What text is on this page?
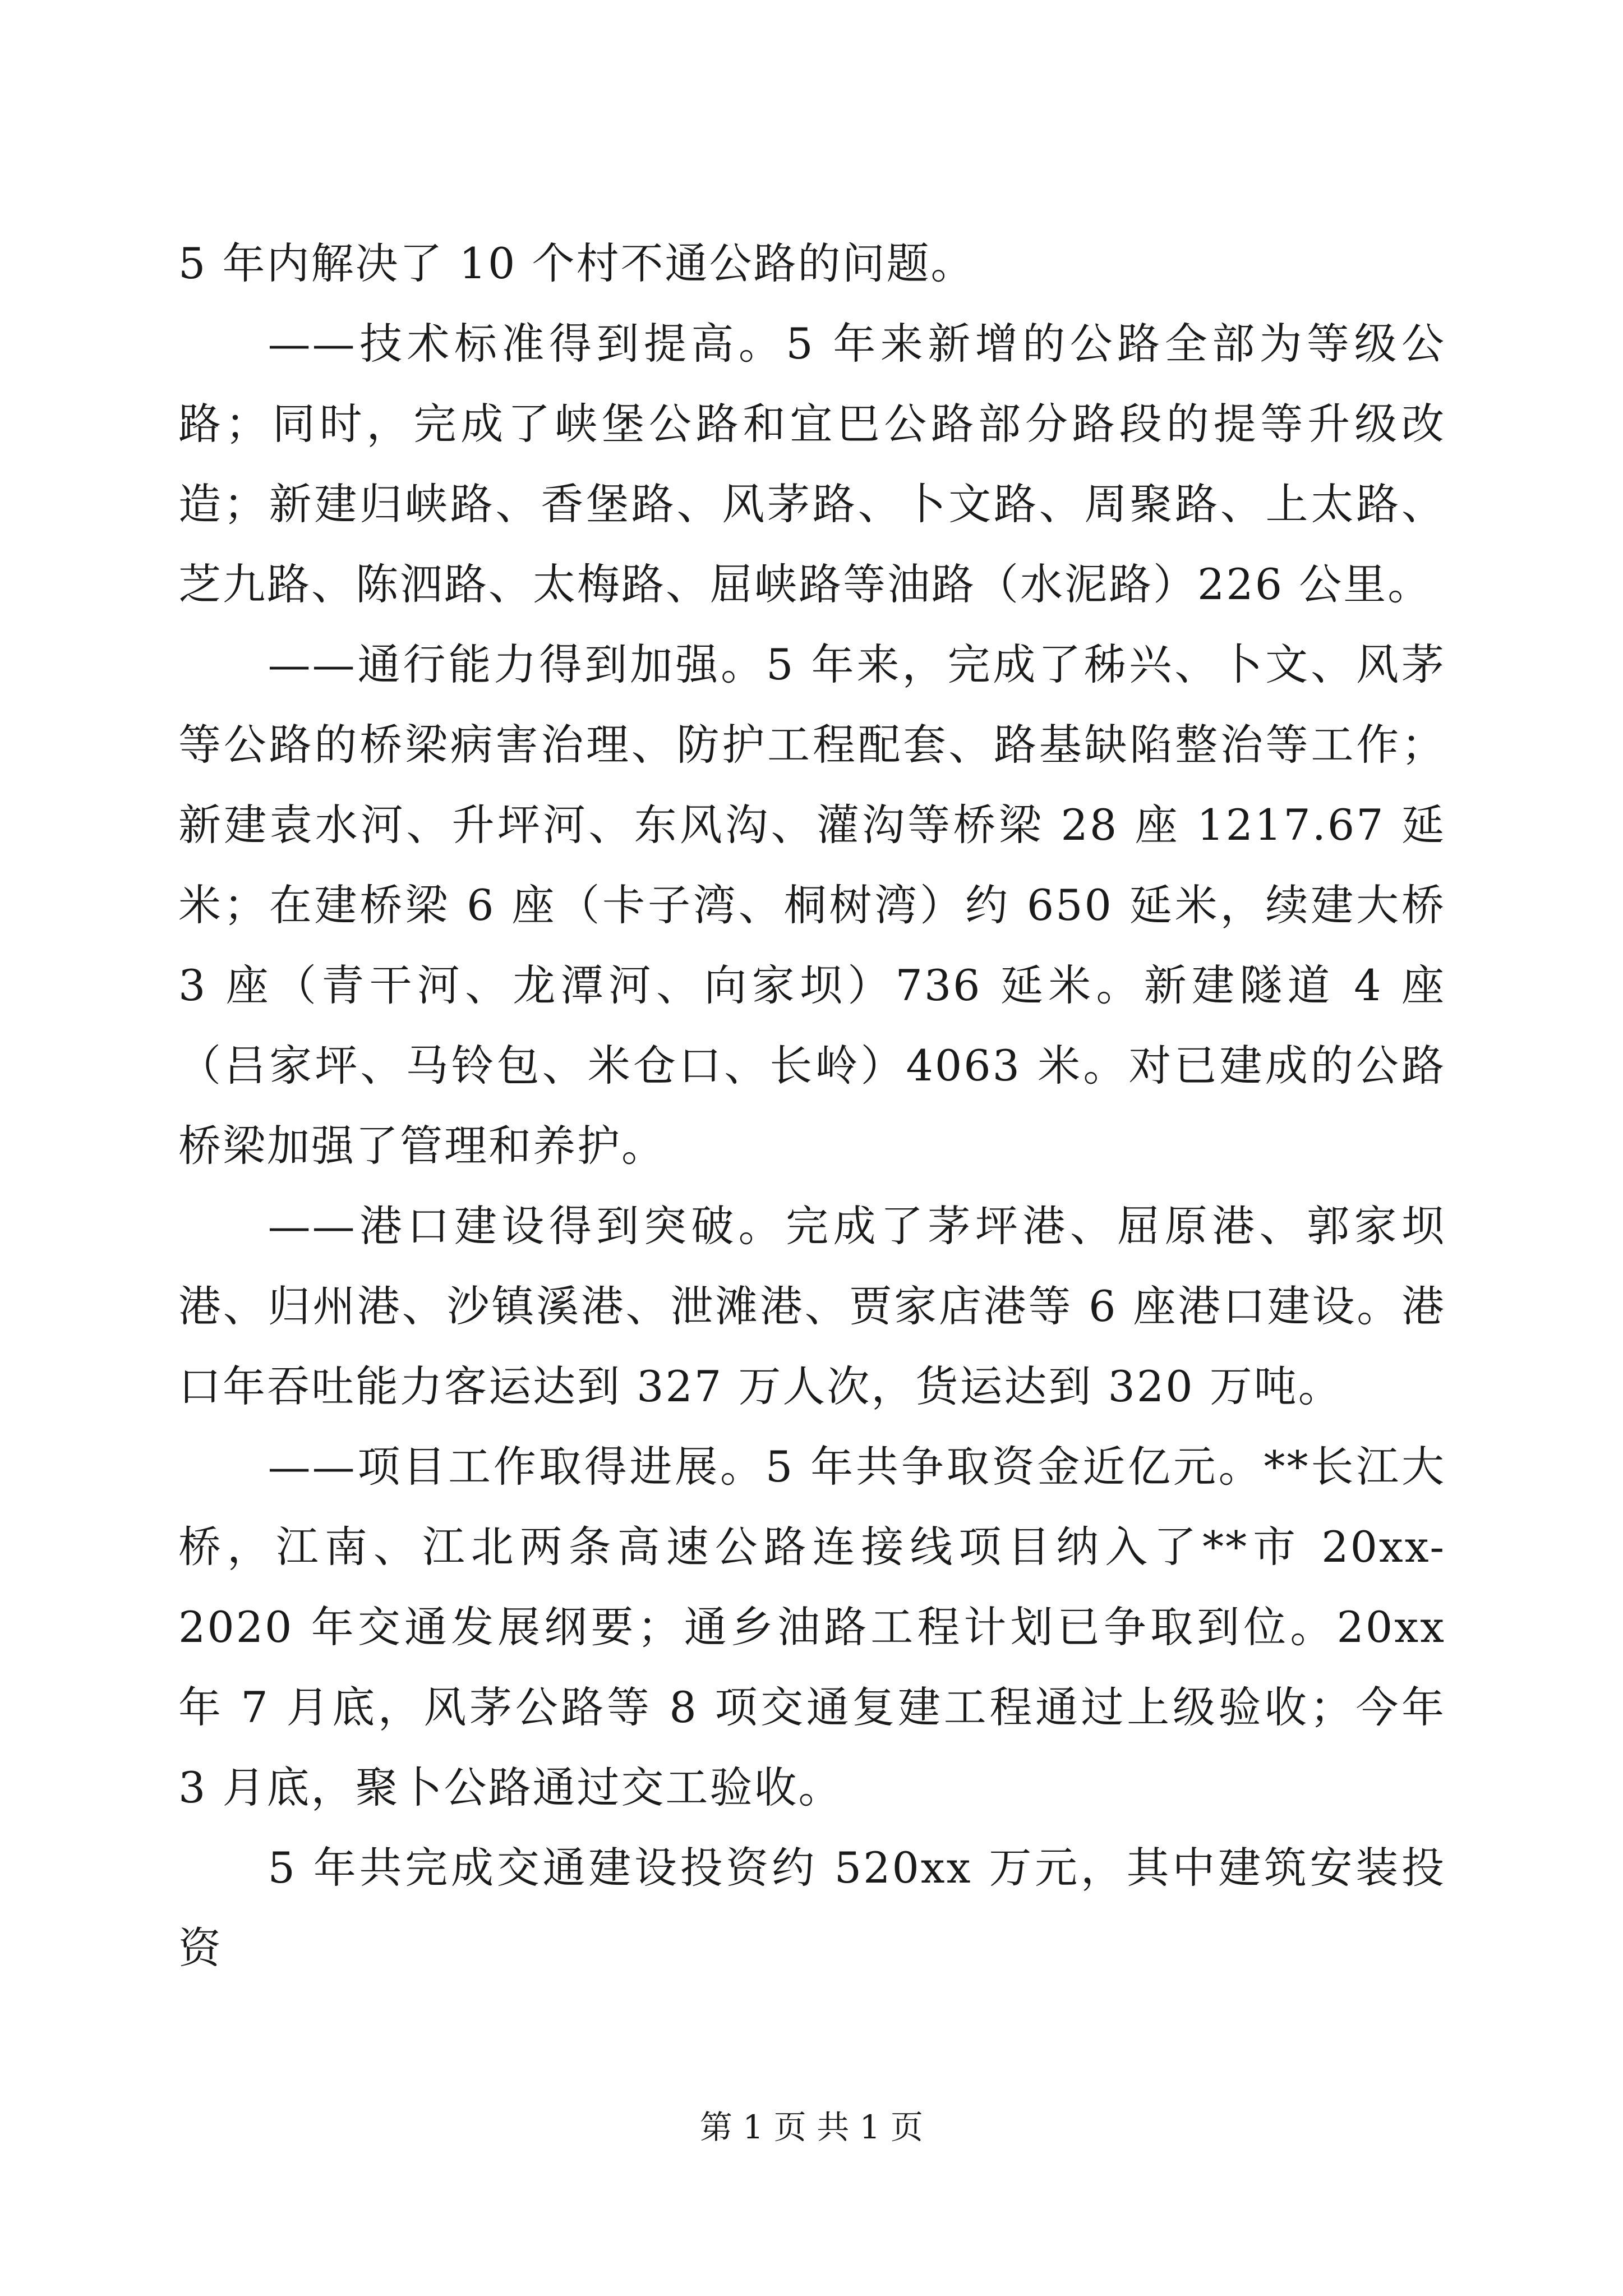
5 年内解决了 10 个村不通公路的问题。

——技术标准得到提高。5 年来新增的公路全部为等级公路；同时，完成了峡堡公路和宜巴公路部分路段的提等升级改造；新建归峡路、香堡路、风茅路、卜文路、周聚路、上太路、芝九路、陈泗路、太梅路、屈峡路等油路（水泥路）226 公里。

——通行能力得到加强。5 年来，完成了秭兴、卜文、风茅等公路的桥梁病害治理、防护工程配套、路基缺陷整治等工作；新建袁水河、升坪河、东风沟、灌沟等桥梁 28 座 1217.67 延米；在建桥梁 6 座（卡子湾、桐树湾）约 650 延米，续建大桥 3 座（青干河、龙潭河、向家坝）736 延米。新建隧道 4 座（吕家坪、马铃包、米仓口、长岭）4063 米。对已建成的公路桥梁加强了管理和养护。

——港口建设得到突破。完成了茅坪港、屈原港、郭家坝港、归州港、沙镇溪港、泄滩港、贾家店港等 6 座港口建设。港口年吞吐能力客运达到 327 万人次，货运达到 320 万吨。

——项目工作取得进展。5 年共争取资金近亿元。**长江大桥，江南、江北两条高速公路连接线项目纳入了**市 20xx-2020 年交通发展纲要；通乡油路工程计划已争取到位。20xx 年 7 月底，风茅公路等 8 项交通复建工程通过上级验收；今年 3 月底，聚卜公路通过交工验收。

5 年共完成交通建设投资约 520xx 万元，其中建筑安装投资

第 1 页 共 1 页
